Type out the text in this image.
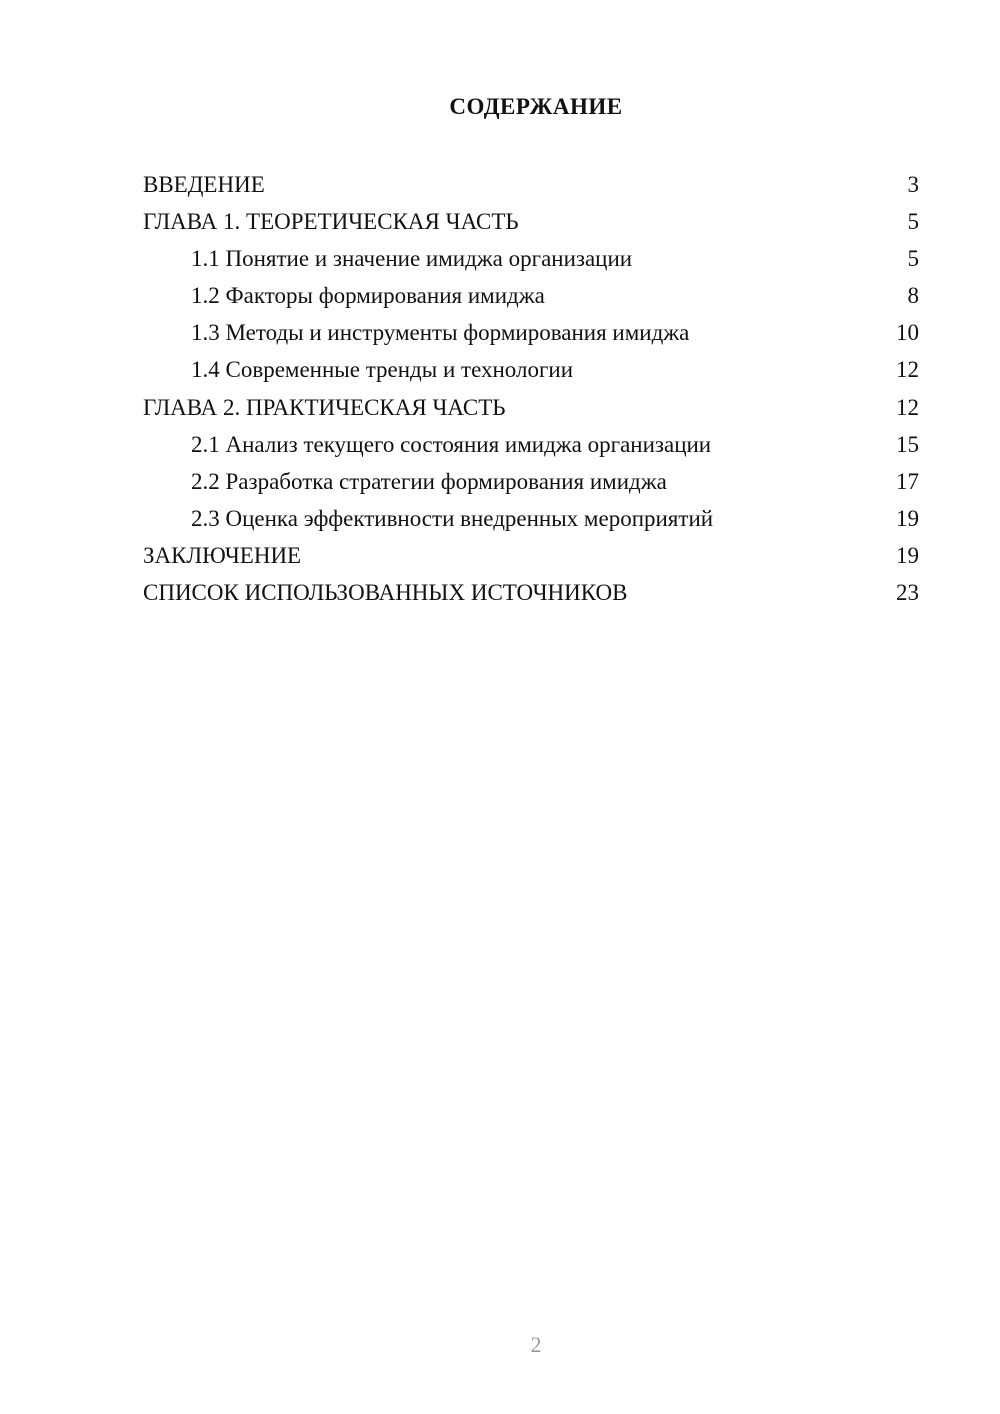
СОДЕРЖАНИЕ
ВВЕДЕНИЕ	3
ГЛАВА 1. ТЕОРЕТИЧЕСКАЯ ЧАСТЬ	5
1.1 Понятие и значение имиджа организации	5
1.2 Факторы формирования имиджа	8
1.3 Методы и инструменты формирования имиджа	10
1.4 Современные тренды и технологии	12
ГЛАВА 2. ПРАКТИЧЕСКАЯ ЧАСТЬ	12
2.1 Анализ текущего состояния имиджа организации	15
2.2 Разработка стратегии формирования имиджа	17
2.3 Оценка эффективности внедренных мероприятий	19
ЗАКЛЮЧЕНИЕ	19
СПИСОК ИСПОЛЬЗОВАННЫХ ИСТОЧНИКОВ	23
2
